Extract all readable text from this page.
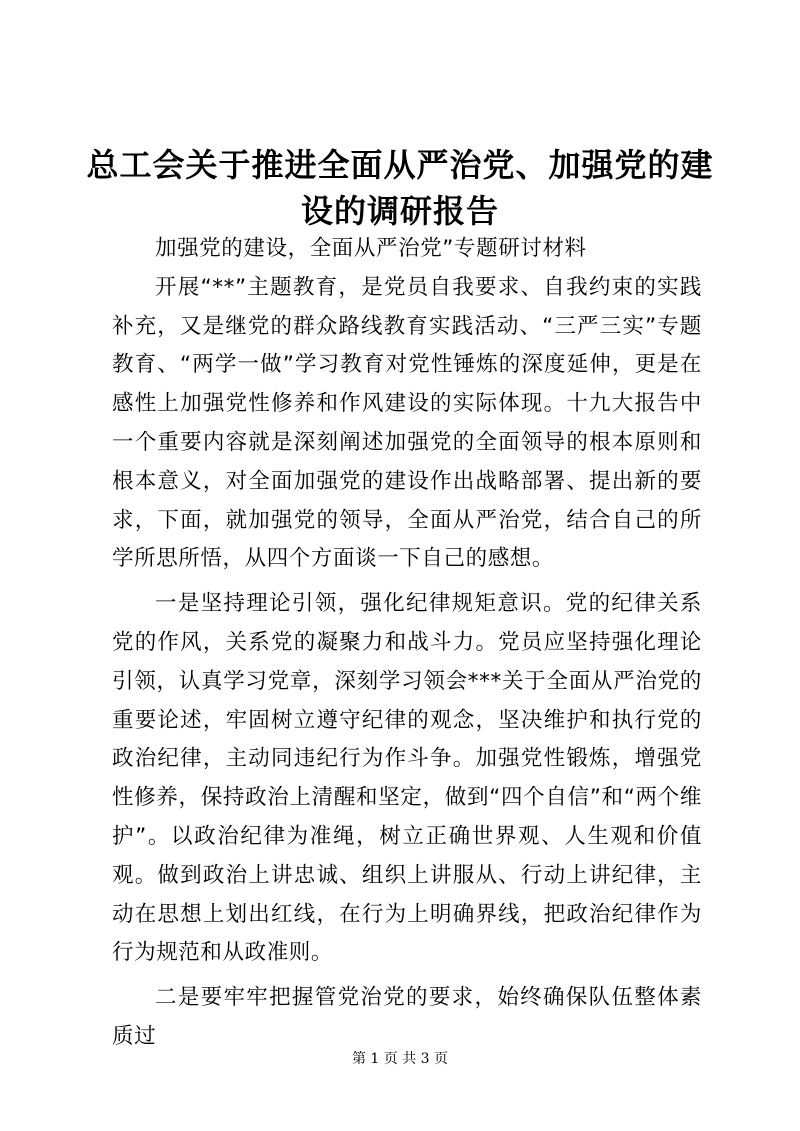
总工会关于推进全面从严治党、加强党的建设的调研报告

加强党的建设，全面从严治党”专题研讨材料

开展“**”主题教育，是党员自我要求、自我约束的实践补充，又是继党的群众路线教育实践活动、“三严三实”专题教育、“两学一做”学习教育对党性锤炼的深度延伸，更是在感性上加强党性修养和作风建设的实际体现。十九大报告中一个重要内容就是深刻阐述加强党的全面领导的根本原则和根本意义，对全面加强党的建设作出战略部署、提出新的要求，下面，就加强党的领导，全面从严治党，结合自己的所学所思所悟，从四个方面谈一下自己的感想。

一是坚持理论引领，强化纪律规矩意识。党的纪律关系党的作风，关系党的凝聚力和战斗力。党员应坚持强化理论引领，认真学习党章，深刻学习领会***关于全面从严治党的重要论述，牢固树立遵守纪律的观念，坚决维护和执行党的政治纪律，主动同违纪行为作斗争。加强党性锻炼，增强党性修养，保持政治上清醒和坚定，做到“四个自信”和“两个维护”。以政治纪律为准绳，树立正确世界观、人生观和价值观。做到政治上讲忠诚、组织上讲服从、行动上讲纪律，主动在思想上划出红线，在行为上明确界线，把政治纪律作为行为规范和从政准则。

二是要牢牢把握管党治党的要求，始终确保队伍整体素质过

第 1 页 共 3 页
